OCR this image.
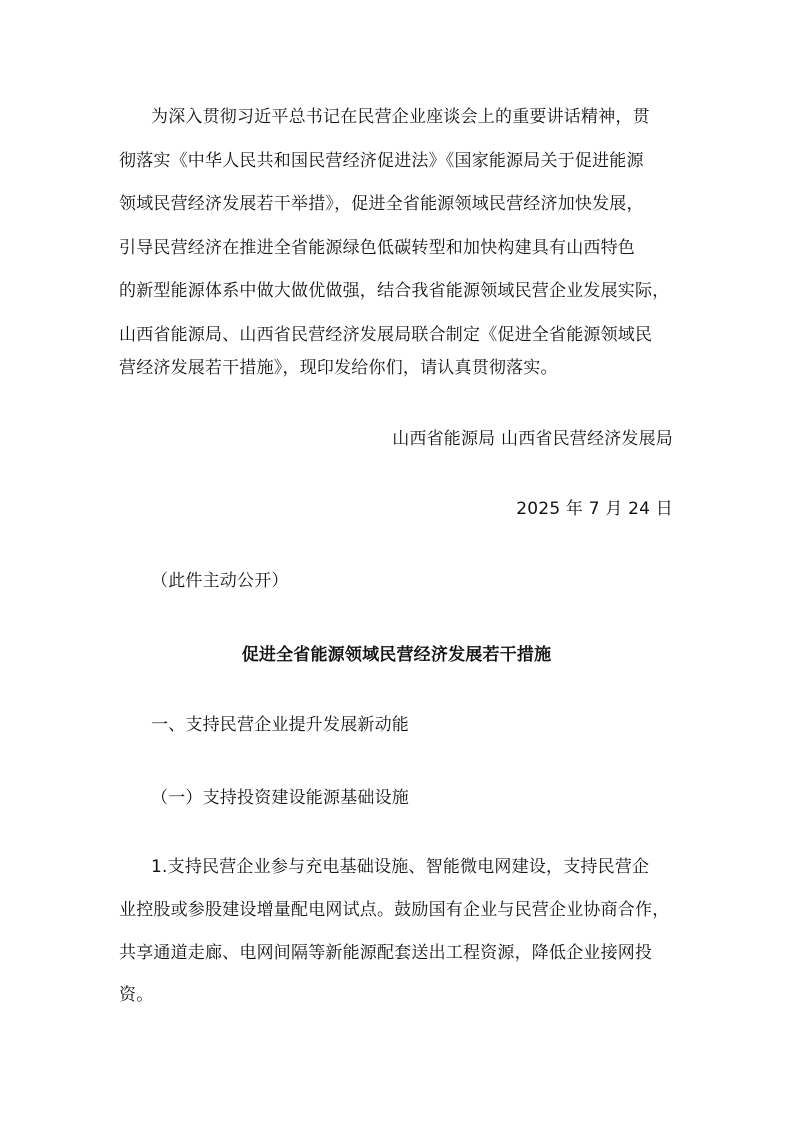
为深入贯彻习近平总书记在民营企业座谈会上的重要讲话精神，贯
彻落实《中华人民共和国民营经济促进法》《国家能源局关于促进能源
领域民营经济发展若干举措》，促进全省能源领域民营经济加快发展，
引导民营经济在推进全省能源绿色低碳转型和加快构建具有山西特色
的新型能源体系中做大做优做强，结合我省能源领域民营企业发展实际，
山西省能源局、山西省民营经济发展局联合制定《促进全省能源领域民
营经济发展若干措施》，现印发给你们，请认真贯彻落实。
山西省能源局 山西省民营经济发展局
2025 年 7 月 24 日
（此件主动公开）
促进全省能源领域民营经济发展若干措施
一、支持民营企业提升发展新动能
（一）支持投资建设能源基础设施
1.支持民营企业参与充电基础设施、智能微电网建设，支持民营企
业控股或参股建设增量配电网试点。鼓励国有企业与民营企业协商合作，
共享通道走廊、电网间隔等新能源配套送出工程资源，降低企业接网投
资。
